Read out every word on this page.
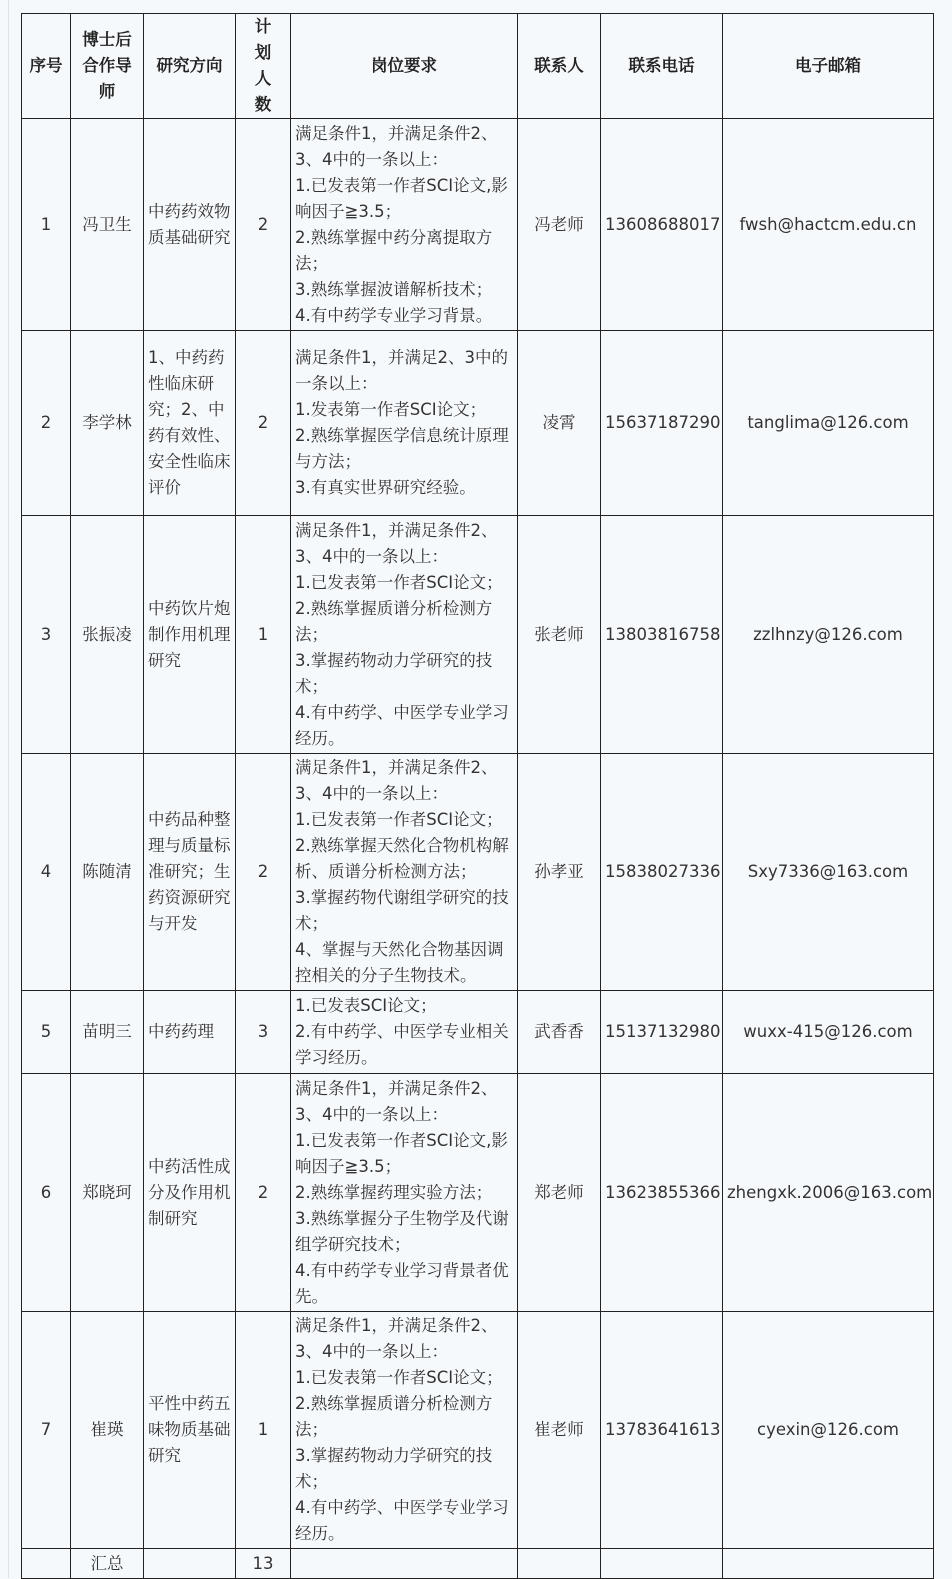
序号	博士后合作导师	研究方向	计划人数	岗位要求	联系人	联系电话	电子邮箱
1	冯卫生	中药药效物质基础研究	2	满足条件1，并满足条件2、3、4中的一条以上：
1.已发表第一作者SCI论文,影响因子≧3.5；
2.熟练掌握中药分离提取方法；
3.熟练掌握波谱解析技术；
4.有中药学专业学习背景。	冯老师	13608688017	fwsh@hactcm.edu.cn
2	李学林	1、中药药性临床研究；2、中药有效性、安全性临床评价	2	满足条件1，并满足2、3中的一条以上：
1.发表第一作者SCI论文；
2.熟练掌握医学信息统计原理与方法；
3.有真实世界研究经验。	凌霄	15637187290	tanglima@126.com
3	张振凌	中药饮片炮制作用机理研究	1	满足条件1，并满足条件2、3、4中的一条以上：
1.已发表第一作者SCI论文；
2.熟练掌握质谱分析检测方法；
3.掌握药物动力学研究的技术；
4.有中药学、中医学专业学习经历。	张老师	13803816758	zzlhnzy@126.com
4	陈随清	中药品种整理与质量标准研究；生药资源研究与开发	2	满足条件1，并满足条件2、3、4中的一条以上：
1.已发表第一作者SCI论文；
2.熟练掌握天然化合物机构解析、质谱分析检测方法；
3.掌握药物代谢组学研究的技术；
4、掌握与天然化合物基因调控相关的分子生物技术。	孙孝亚	15838027336	Sxy7336@163.com
5	苗明三	中药药理	3	1.已发表SCI论文；
2.有中药学、中医学专业相关学习经历。	武香香	15137132980	wuxx-415@126.com
6	郑晓珂	中药活性成分及作用机制研究	2	满足条件1，并满足条件2、3、4中的一条以上：
1.已发表第一作者SCI论文,影响因子≧3.5；
2.熟练掌握药理实验方法；
3.熟练掌握分子生物学及代谢组学研究技术；
4.有中药学专业学习背景者优先。	郑老师	13623855366	zhengxk.2006@163.com
7	崔瑛	平性中药五味物质基础研究	1	满足条件1，并满足条件2、3、4中的一条以上：
1.已发表第一作者SCI论文；
2.熟练掌握质谱分析检测方法；
3.掌握药物动力学研究的技术；
4.有中药学、中医学专业学习经历。	崔老师	13783641613	cyexin@126.com
	汇总		13				
